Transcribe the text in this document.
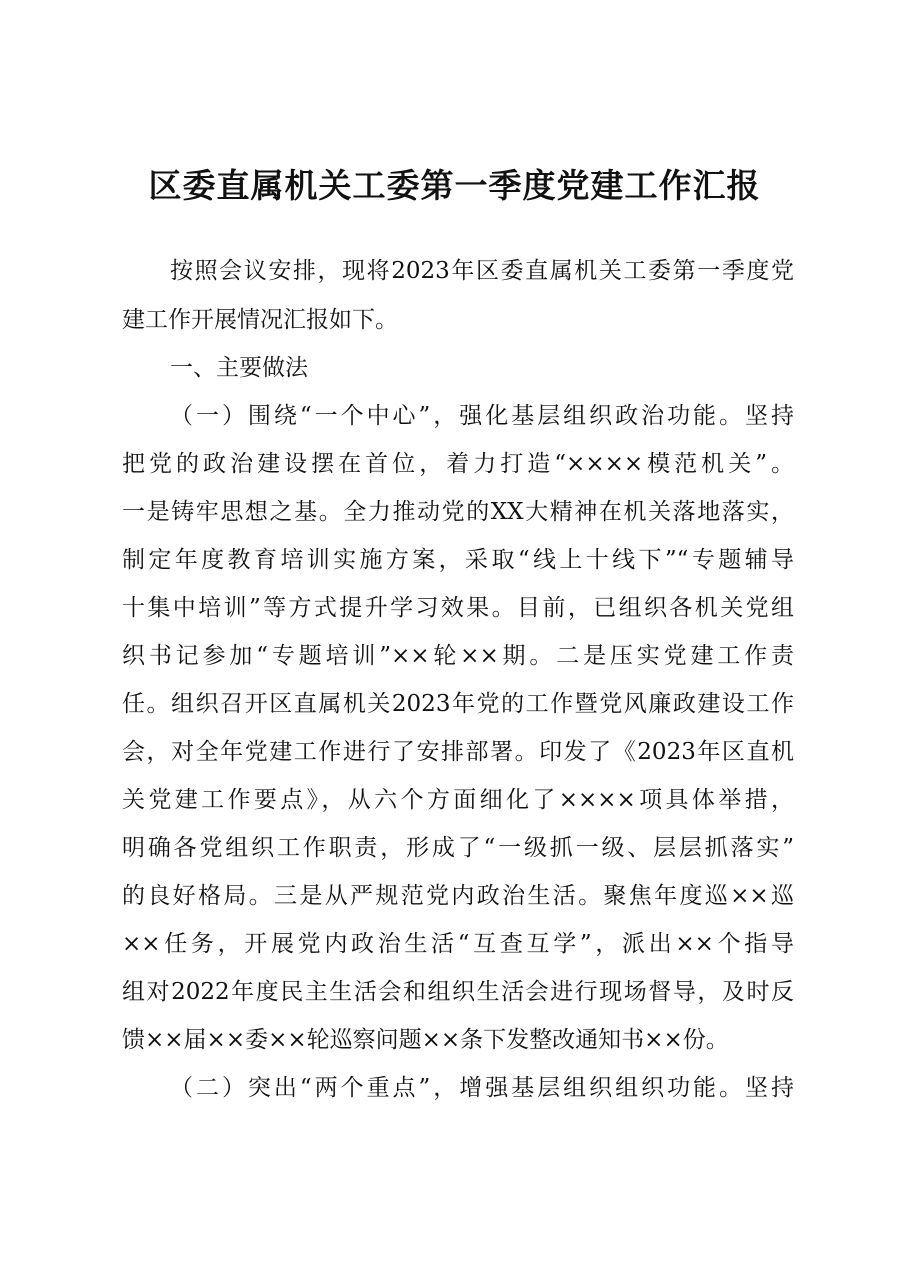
区委直属机关工委第一季度党建工作汇报
按照会议安排，现将2023年区委直属机关工委第一季度党
建工作开展情况汇报如下。
一、主要做法
（一）围绕“一个中心”，强化基层组织政治功能。坚持
把党的政治建设摆在首位，着力打造“××××模范机关”。
一是铸牢思想之基。全力推动党的XX大精神在机关落地落实，
制定年度教育培训实施方案，采取“线上十线下”“专题辅导
十集中培训”等方式提升学习效果。目前，已组织各机关党组
织书记参加“专题培训”××轮××期。二是压实党建工作责
任。组织召开区直属机关2023年党的工作暨党风廉政建设工作
会，对全年党建工作进行了安排部署。印发了《2023年区直机
关党建工作要点》，从六个方面细化了××××项具体举措，
明确各党组织工作职责，形成了“一级抓一级、层层抓落实”
的良好格局。三是从严规范党内政治生活。聚焦年度巡××巡
××任务，开展党内政治生活“互查互学”，派出××个指导
组对2022年度民主生活会和组织生活会进行现场督导，及时反
馈××届××委××轮巡察问题××条下发整改通知书××份。
（二）突出“两个重点”，增强基层组织组织功能。坚持
